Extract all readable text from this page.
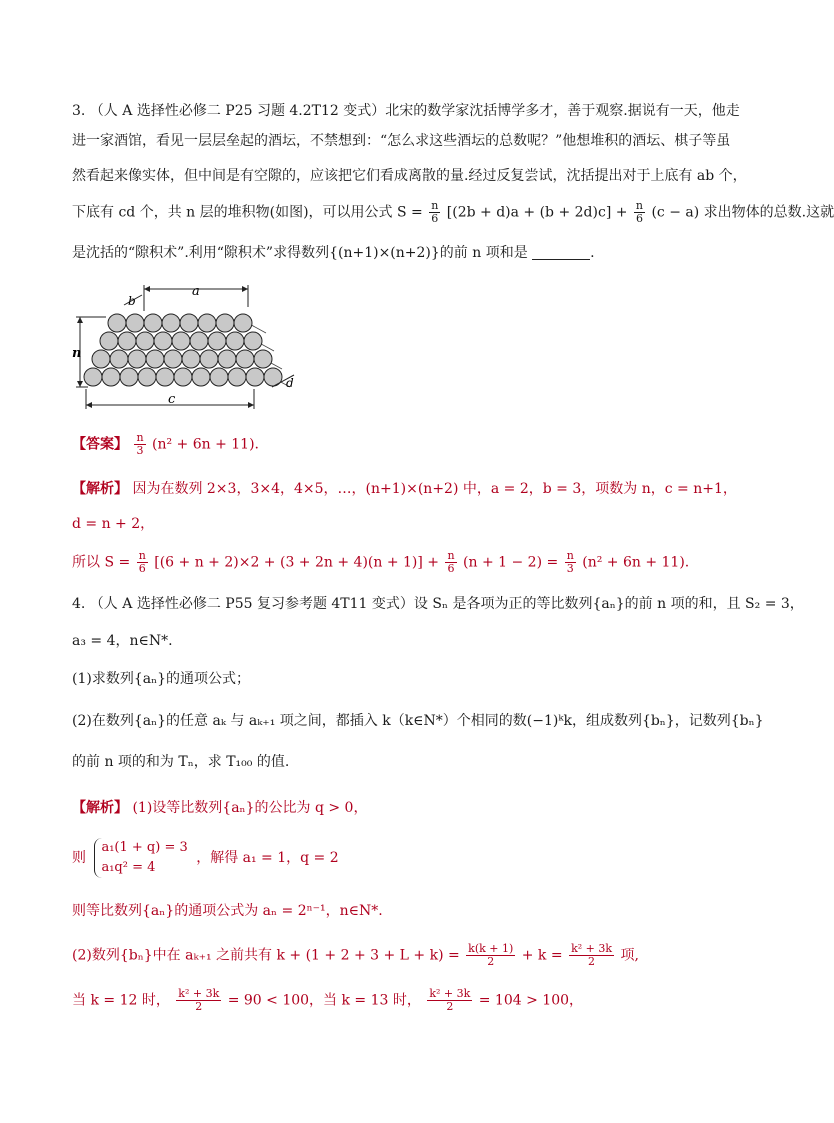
3. （人 A 选择性必修二 P25 习题 4.2T12 变式）北宋的数学家沈括博学多才，善于观察.据说有一天，他走
进一家酒馆，看见一层层垒起的酒坛，不禁想到：“怎么求这些酒坛的总数呢？”他想堆积的酒坛、棋子等虽
然看起来像实体，但中间是有空隙的，应该把它们看成离散的量.经过反复尝试，沈括提出对于上底有 ab 个，
下底有 cd 个，共 n 层的堆积物(如图)，可以用公式 $S = \frac{n}{6} [(2b + d)a + (b + 2d)c] + \frac{n}{6} (c - a)$ 求出物体的总数.这就
是沈括的“隙积术”.利用“隙积术”求得数列{(n+1)×(n+2)}的前 n 项和是	.
a
b
n
c
d
【答案】 $\frac{n}{3} (n^2 + 6n + 11)$.
【解析】 因为在数列 2×3，3×4，4×5，…，(n+1)×(n+2) 中，a = 2，b = 3，项数为 n，c = n+1，
d = n + 2，
所以 $S = \frac{n}{6} [(6 + n + 2)\times 2 + (3 + 2n + 4)(n + 1)] + \frac{n}{6} (n + 1 - 2) = \frac{n}{3} (n^2 + 6n + 11)$.
4. （人 A 选择性必修二 P55 复习参考题 4T11 变式）设 Sₙ 是各项为正的等比数列{aₙ}的前 n 项的和，且 S₂ = 3，
a₃ = 4，n∈N*.
(1)求数列{aₙ}的通项公式；
(2)在数列{aₙ}的任意 aₖ 与 aₖ₊₁ 项之间，都插入 k（k∈N*）个相同的数(−1)ᵏk，组成数列{bₙ}，记数列{bₙ}
的前 n 项的和为 Tₙ，求 T₁₀₀ 的值.
【解析】 (1)设等比数列{aₙ}的公比为 q > 0，
则
a₁(1 + q) = 3
a₁q² = 4
，解得 a₁ = 1，q = 2
则等比数列{aₙ}的通项公式为 aₙ = 2ⁿ⁻¹，n∈N*.
(2)数列{bₙ}中在 aₖ₊₁ 之前共有 $k + (1 + 2 + 3 + L + k) = \frac{k(k + 1)}{2} + k = \frac{\text{k² + 3k}}{2}$ 项,
当 k = 12 时， $\frac{\text{k² + 3k}}{2} = 90 < 100$，当 k = 13 时， $\frac{\text{k² + 3k}}{2} = 104 > 100$，
